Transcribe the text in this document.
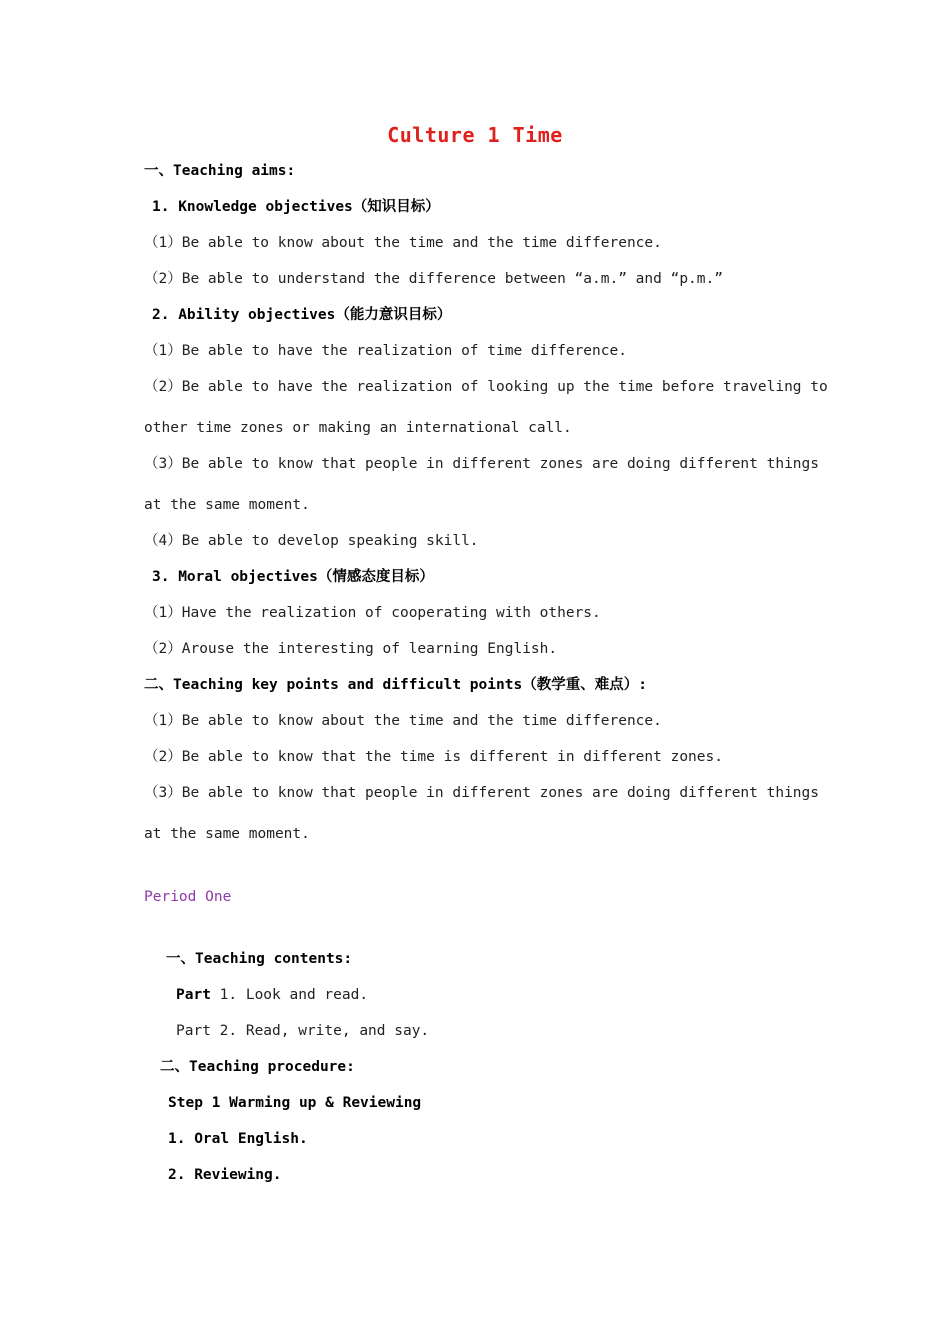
Culture 1 Time
一、Teaching aims:
1. Knowledge objectives（知识目标）
（1）Be able to know about the time and the time difference.
（2）Be able to understand the difference between “a.m.” and “p.m.”
2. Ability objectives（能力意识目标）
（1）Be able to have the realization of time difference.
（2）Be able to have the realization of looking up the time before traveling to
other time zones or making an international call.
（3）Be able to know that people in different zones are doing different things
at the same moment.
（4）Be able to develop speaking skill.
3. Moral objectives（情感态度目标）
（1）Have the realization of cooperating with others.
（2）Arouse the interesting of learning English.
二、Teaching key points and difficult points（教学重、难点）:
（1）Be able to know about the time and the time difference.
（2）Be able to know that the time is different in different zones.
（3）Be able to know that people in different zones are doing different things
at the same moment.
Period One
一、Teaching contents:
Part 1. Look and read.
Part 2. Read, write, and say.
二、Teaching procedure:
Step 1 Warming up & Reviewing
1. Oral English.
2. Reviewing.
